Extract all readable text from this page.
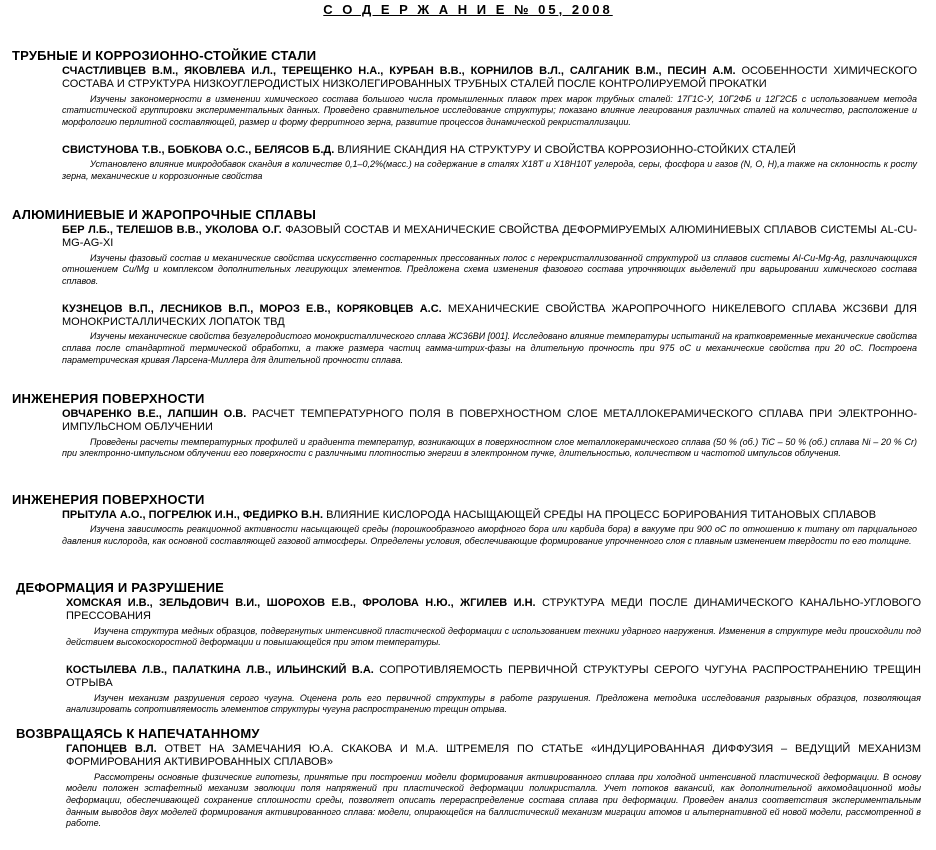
С О Д Е Р Ж А Н И Е № 05, 2008
ТРУБНЫЕ И КОРРОЗИОННО-СТОЙКИЕ СТАЛИ
СЧАСТЛИВЦЕВ В.М., ЯКОВЛЕВА И.Л., ТЕРЕЩЕНКО Н.А., КУРБАН В.В., КОРНИЛОВ В.Л., САЛГАНИК В.М., ПЕСИН А.М. ОСОБЕННОСТИ ХИМИЧЕСКОГО СОСТАВА И СТРУКТУРА НИЗКОУГЛЕРОДИСТЫХ НИЗКОЛЕГИРОВАННЫХ ТРУБНЫХ СТАЛЕЙ ПОСЛЕ КОНТРОЛИРУЕМОЙ ПРОКАТКИ
Изучены закономерности в изменении химического состава большого числа промышленных плавок трех марок трубных сталей: 17Г1С-У, 10Г2ФБ и 12Г2СБ с использованием метода статистической группировки экспериментальных данных. Проведено сравнительное исследование структуры; показано влияние легирования различных сталей на количество, расположение и морфологию перлитной составляющей, размер и форму ферритного зерна, развитие процессов динамической рекристаллизации.
СВИСТУНОВА Т.В., БОБКОВА О.С., БЕЛЯСОВ Б.Д. ВЛИЯНИЕ СКАНДИЯ НА СТРУКТУРУ И СВОЙСТВА КОРРОЗИОННО-СТОЙКИХ СТАЛЕЙ
Установлено влияние микродобавок скандия в количестве 0,1–0,2%(масс.) на содержание в сталях Х18Т и Х18Н10Т углерода, серы, фосфора и газов (N, O, H),а также на склонность к росту зерна, механические и коррозионные свойства
АЛЮМИНИЕВЫЕ И ЖАРОПРОЧНЫЕ СПЛАВЫ
БЕР Л.Б., ТЕЛЕШОВ В.В., УКОЛОВА О.Г. ФАЗОВЫЙ СОСТАВ И МЕХАНИЧЕСКИЕ СВОЙСТВА ДЕФОРМИРУЕМЫХ АЛЮМИНИЕВЫХ СПЛАВОВ СИСТЕМЫ AL-CU-MG-AG-XI
Изучены фазовый состав и механические свойства искусственно состаренных прессованных полос с нерекристаллизованной структурой из сплавов системы Al-Cu-Mg-Ag, различающихся отношением Cu/Mg и комплексом дополнительных легирующих элементов. Предложена схема изменения фазового состава упрочняющих выделений при варьировании химического состава сплавов.
КУЗНЕЦОВ В.П., ЛЕСНИКОВ В.П., МОРОЗ Е.В., КОРЯКОВЦЕВ А.С. МЕХАНИЧЕСКИЕ СВОЙСТВА ЖАРОПРОЧНОГО НИКЕЛЕВОГО СПЛАВА ЖС36ВИ ДЛЯ МОНОКРИСТАЛЛИЧЕСКИХ ЛОПАТОК ТВД
Изучены механические свойства безуглеродистого монокристаллического сплава ЖС36ВИ [001]. Исследовано влияние температуры испытаний на кратковременные механические свойства сплава после стандартной термической обработки, а также размера частиц гамма-штрих-фазы на длительную прочность при 975 оС и механические свойства при 20 оС. Построена параметрическая кривая Ларсена-Миллера для длительной прочности сплава.
ИНЖЕНЕРИЯ ПОВЕРХНОСТИ
ОВЧАРЕНКО В.Е., ЛАПШИН О.В. РАСЧЕТ ТЕМПЕРАТУРНОГО ПОЛЯ В ПОВЕРХНОСТНОМ СЛОЕ МЕТАЛЛОКЕРАМИЧЕСКОГО СПЛАВА ПРИ ЭЛЕКТРОННО-ИМПУЛЬСНОМ ОБЛУЧЕНИИ
Проведены расчеты температурных профилей и градиента температур, возникающих в поверхностном слое металлокерамического сплава (50 % (об.) TiC – 50 % (об.) сплава Ni – 20 % Cr) при электронно-импульсном облучении его поверхности с различными плотностью энергии в электронном пучке, длительностью, количеством и частотой импульсов облучения.
ИНЖЕНЕРИЯ ПОВЕРХНОСТИ
ПРЫТУЛА А.О., ПОГРЕЛЮК И.Н., ФЕДИРКО В.Н. ВЛИЯНИЕ КИСЛОРОДА НАСЫЩАЮЩЕЙ СРЕДЫ НА ПРОЦЕСС БОРИРОВАНИЯ ТИТАНОВЫХ СПЛАВОВ
Изучена зависимость реакционной активности насыщающей среды (порошкообразного аморфного бора или карбида бора) в вакууме при 900 оС по отношению к титану от парциального давления кислорода, как основной составляющей газовой атмосферы. Определены условия, обеспечивающие формирование упрочненного слоя с плавным изменением твердости по его толщине.
ДЕФОРМАЦИЯ И РАЗРУШЕНИЕ
ХОМСКАЯ И.В., ЗЕЛЬДОВИЧ В.И., ШОРОХОВ Е.В., ФРОЛОВА Н.Ю., ЖГИЛЕВ И.Н. СТРУКТУРА МЕДИ ПОСЛЕ ДИНАМИЧЕСКОГО КАНАЛЬНО-УГЛОВОГО ПРЕССОВАНИЯ
Изучена структура медных образцов, подвергнутых интенсивной пластической деформации с использованием техники ударного нагружения. Изменения в структуре меди происходили под действием высокоскоростной деформации и повышающейся при этом температуры.
КОСТЫЛЕВА Л.В., ПАЛАТКИНА Л.В., ИЛЬИНСКИЙ В.А. СОПРОТИВЛЯЕМОСТЬ ПЕРВИЧНОЙ СТРУКТУРЫ СЕРОГО ЧУГУНА РАСПРОСТРАНЕНИЮ ТРЕЩИН ОТРЫВА
Изучен механизм разрушения серого чугуна. Оценена роль его первичной структуры в работе разрушения. Предложена методика исследования разрывных образцов, позволяющая анализировать сопротивляемость элементов структуры чугуна распространению трещин отрыва.
ВОЗВРАЩАЯСЬ К НАПЕЧАТАННОМУ
ГАПОНЦЕВ В.Л. ОТВЕТ НА ЗАМЕЧАНИЯ Ю.А. СКАКОВА И М.А. ШТРЕМЕЛЯ ПО СТАТЬЕ «ИНДУЦИРОВАННАЯ ДИФФУЗИЯ – ВЕДУЩИЙ МЕХАНИЗМ ФОРМИРОВАНИЯ АКТИВИРОВАННЫХ СПЛАВОВ»
Рассмотрены основные физические гипотезы, принятые при построении модели формирования активированного сплава при холодной интенсивной пластической деформации. В основу модели положен эстафетный механизм эволюции поля напряжений при пластической деформации поликристалла. Учет потоков вакансий, как дополнительной аккомодационной моды деформации, обеспечивающей сохранение сплошности среды, позволяет описать перераспределение состава сплава при деформации. Проведен анализ соответствия экспериментальным данным выводов двух моделей формирования активированного сплава: модели, опирающейся на баллистический механизм миграции атомов и альтернативной ей новой модели, рассмотренной в работе.
